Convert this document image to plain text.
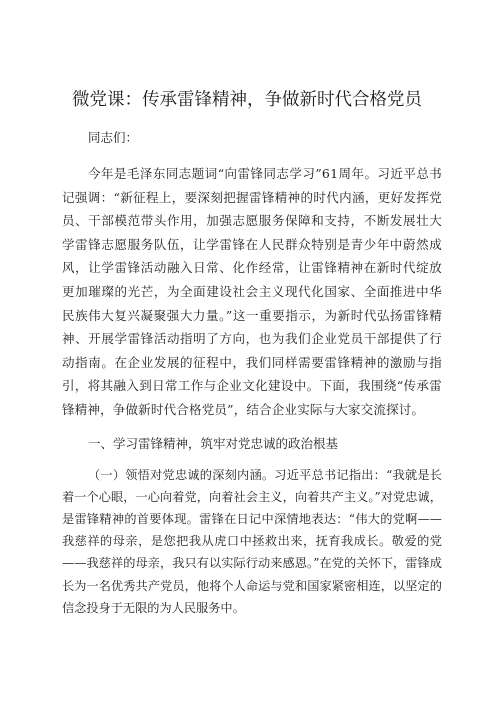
微党课：传承雷锋精神，争做新时代合格党员

同志们：

今年是毛泽东同志题词“向雷锋同志学习”61周年。习近平总书记强调：“新征程上，要深刻把握雷锋精神的时代内涵，更好发挥党员、干部模范带头作用，加强志愿服务保障和支持，不断发展壮大学雷锋志愿服务队伍，让学雷锋在人民群众特别是青少年中蔚然成风，让学雷锋活动融入日常、化作经常，让雷锋精神在新时代绽放更加璀璨的光芒，为全面建设社会主义现代化国家、全面推进中华民族伟大复兴凝聚强大力量。”这一重要指示，为新时代弘扬雷锋精神、开展学雷锋活动指明了方向，也为我们企业党员干部提供了行动指南。在企业发展的征程中，我们同样需要雷锋精神的激励与指引，将其融入到日常工作与企业文化建设中。下面，我围绕“传承雷锋精神，争做新时代合格党员”，结合企业实际与大家交流探讨。

一、学习雷锋精神，筑牢对党忠诚的政治根基

（一）领悟对党忠诚的深刻内涵。习近平总书记指出：“我就是长着一个心眼，一心向着党，向着社会主义，向着共产主义。”对党忠诚，是雷锋精神的首要体现。雷锋在日记中深情地表达：“伟大的党啊——我慈祥的母亲，是您把我从虎口中拯救出来，抚育我成长。敬爱的党——我慈祥的母亲，我只有以实际行动来感恩。”在党的关怀下，雷锋成长为一名优秀共产党员，他将个人命运与党和国家紧密相连，以坚定的信念投身于无限的为人民服务中。
